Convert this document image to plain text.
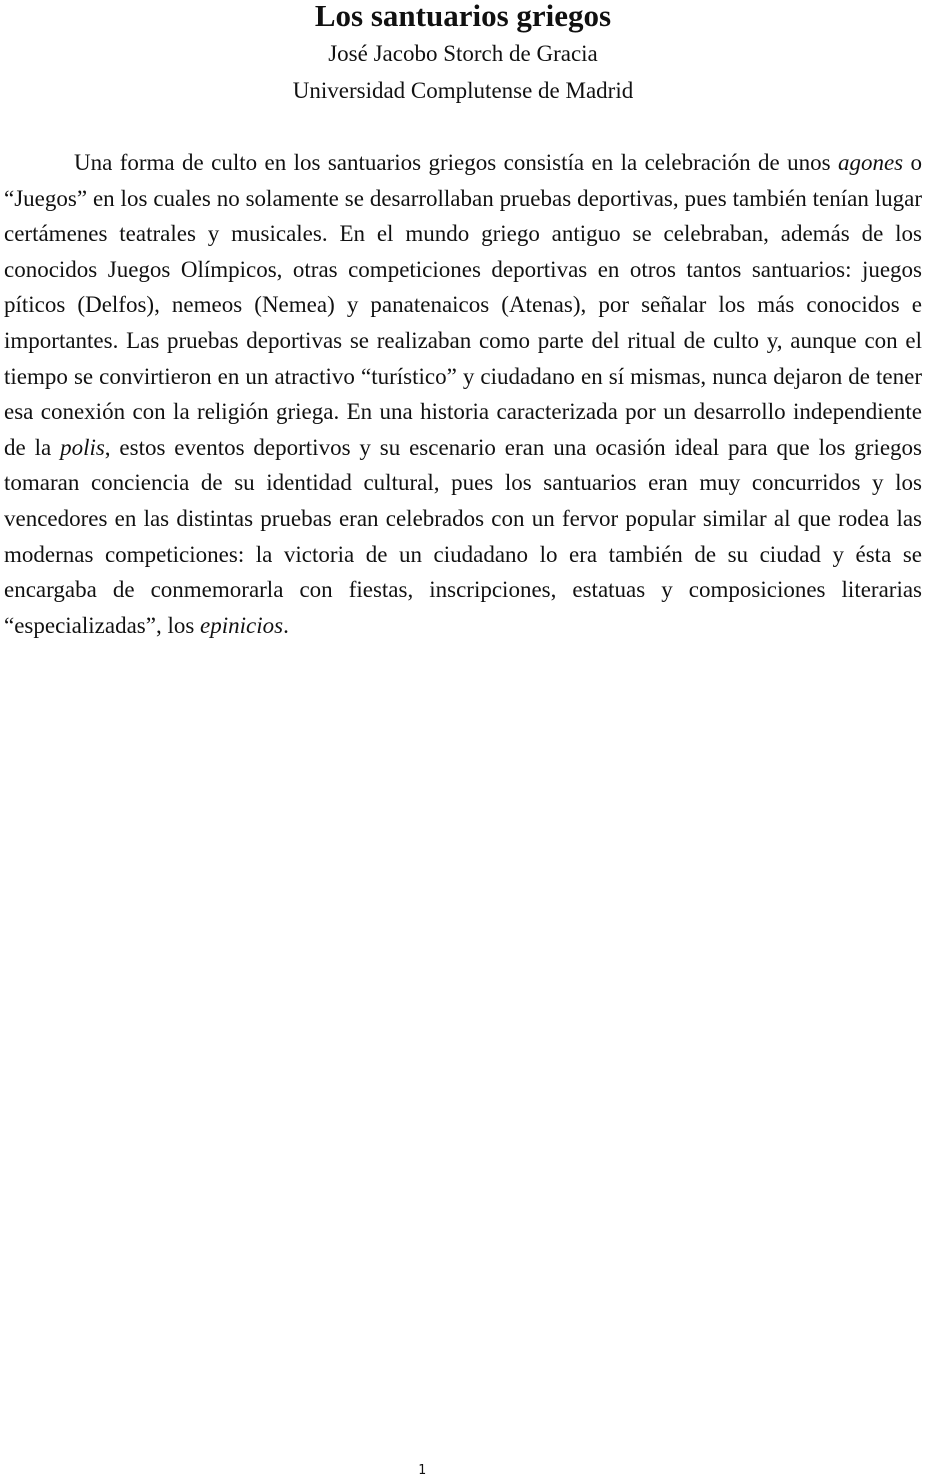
Los santuarios griegos

José Jacobo Storch de Gracia

Universidad Complutense de Madrid

Una forma de culto en los santuarios griegos consistía en la celebración de unos agones o “Juegos” en los cuales no solamente se desarrollaban pruebas deportivas, pues también tenían lugar certámenes teatrales y musicales. En el mundo griego antiguo se celebraban, además de los conocidos Juegos Olímpicos, otras competiciones deportivas en otros tantos santuarios: juegos píticos (Delfos), nemeos (Nemea) y panatenaicos (Atenas), por señalar los más conocidos e importantes. Las pruebas deportivas se realizaban como parte del ritual de culto y, aunque con el tiempo se convirtieron en un atractivo “turístico” y ciudadano en sí mismas, nunca dejaron de tener esa conexión con la religión griega. En una historia caracterizada por un desarrollo independiente de la polis, estos eventos deportivos y su escenario eran una ocasión ideal para que los griegos tomaran conciencia de su identidad cultural, pues los santuarios eran muy concurridos y los vencedores en las distintas pruebas eran celebrados con un fervor popular similar al que rodea las modernas competiciones: la victoria de un ciudadano lo era también de su ciudad y ésta se encargaba de conmemorarla con fiestas, inscripciones, estatuas y composiciones literarias “especializadas”, los epinicios.

1
